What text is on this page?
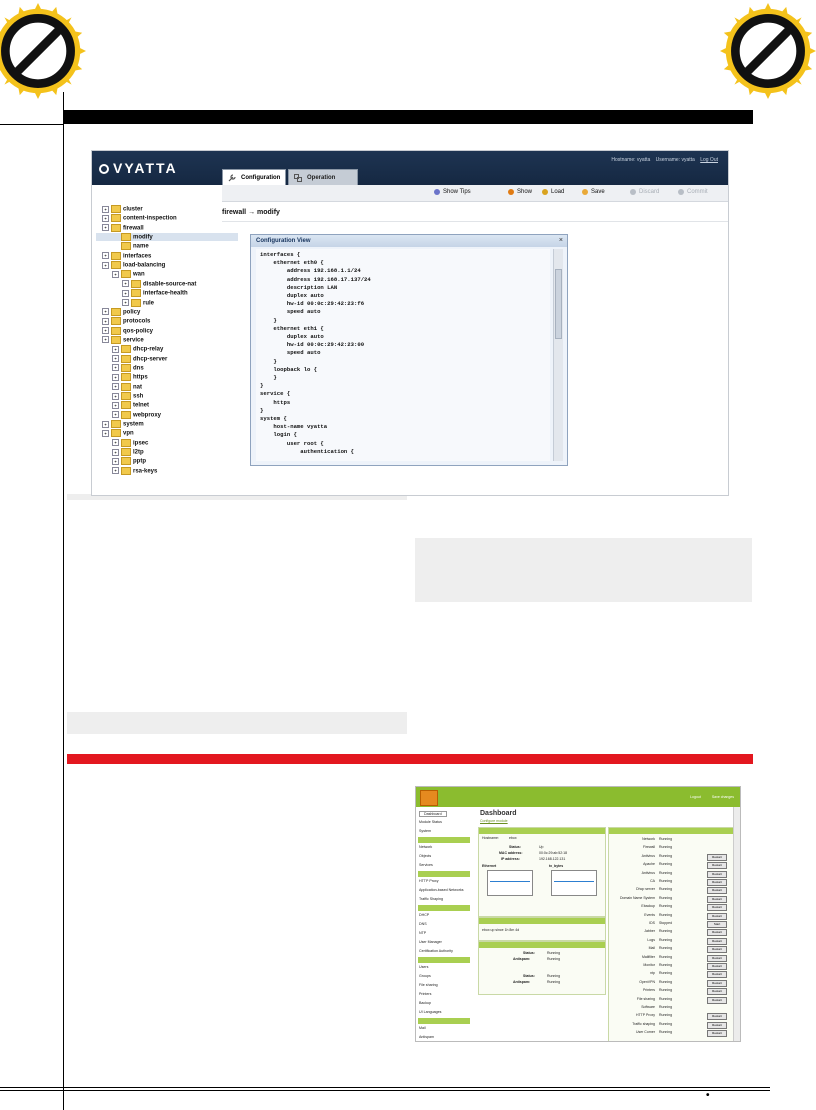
VYATTA	Hostname: vyatta Username: vyatta Log Out
Configuration	Operation
Show Tips	Show	Load	Save	Discard	Commit
+	cluster
+	content-inspection
+	firewall
modify
name
+	interfaces
+	load-balancing
+	wan
+	disable-source-nat
+	interface-health
+	rule
+	policy
+	protocols
+	qos-policy
+	service
+	dhcp-relay
+	dhcp-server
+	dns
+	https
+	nat
+	ssh
+	telnet
+	webproxy
+	system
+	vpn
+	ipsec
+	l2tp
+	pptp
+	rsa-keys
firewall → modify
Configuration View	×
interfaces {
ethernet eth0 {
address 192.168.1.1/24
address 192.168.17.137/24
description LAN
duplex auto
hw-id 00:0c:29:42:23:f6
speed auto
}
ethernet eth1 {
duplex auto
hw-id 00:0c:29:42:23:00
speed auto
}
loopback lo {
}
}
service {
https
}
system {
host-name vyatta
login {
user root {
authentication {
Logout	Save changes
Dashboard
Module Status
System
Network
Objects
Services
HTTP Proxy
Application-based Networks
Traffic Shaping
DHCP
DNS
NTP
User Manager
Certification Authority
Users
Groups
File sharing
Printers
Backup
UI Languages
Mail
Antispam
Dashboard
Configure module
Hostname:	ebox
Status:	Up
MAC address:	00:0c:29:ab:52:18
IP address:	192.168.122.131
Ethernet	tx_bytes
ebox up since 1h 8m 4d
Status:	Running
Antispam:	Running
Status:	Running
Antispam:	Running
Network Running
Firewall Running
Antivirus Running	Restart
Apache Running	Restart
Antivirus Running	Restart
CA Running	Restart
Dhcp server Running	Restart
Domain Name System Running	Restart
Ebackup Running	Restart
Events Running	Restart
IDS Stopped	Start
Jabber Running	Restart
Logs Running	Restart
Mail Running	Restart
Mailfilter Running	Restart
Monitor Running	Restart
ntp Running	Restart
OpenVPN Running	Restart
Printers Running	Restart
File sharing Running	Restart
Software Running
HTTP Proxy Running	Restart
Traffic shaping Running	Restart
User Corner Running	Restart
•
